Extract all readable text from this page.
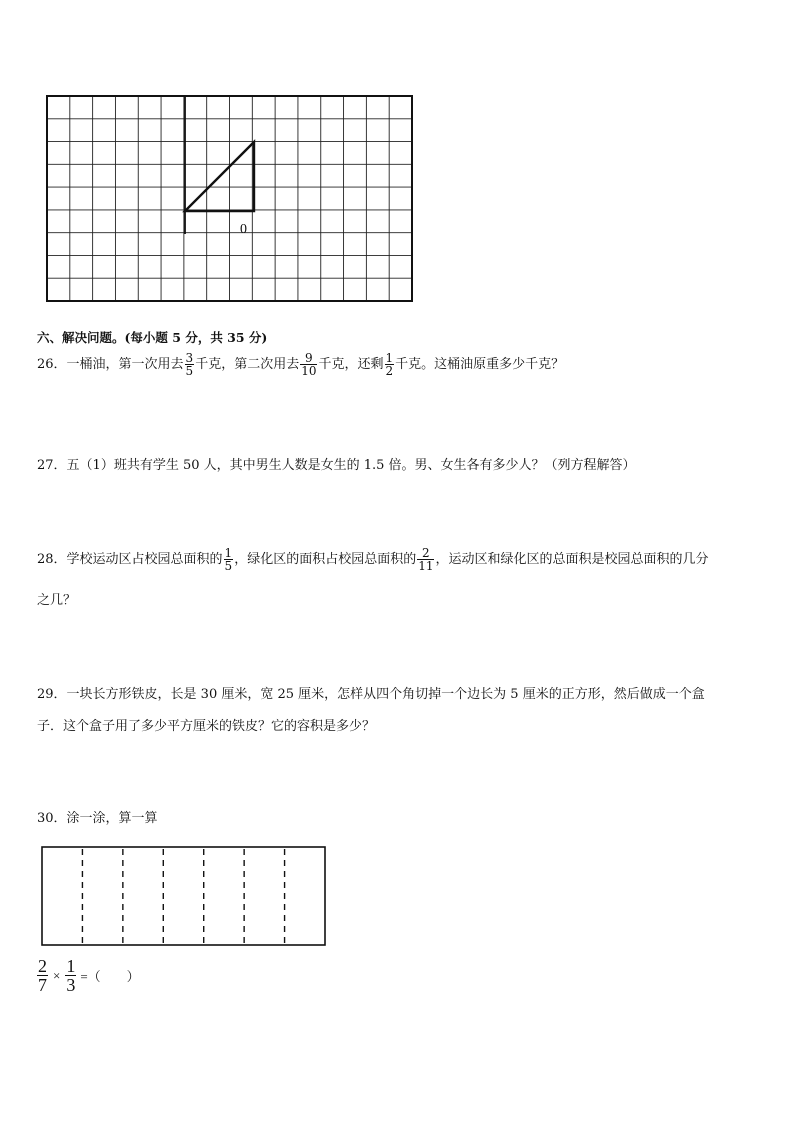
0
六、解决问题。(每小题 5 分，共 35 分)
26．一桶油，第一次用去 $\frac{3}{5}$ 千克，第二次用去 $\frac{9}{10}$ 千克，还剩 $\frac{1}{2}$ 千克。这桶油原重多少千克？
27．五（1）班共有学生 50 人，其中男生人数是女生的 1.5 倍。男、女生各有多少人？（列方程解答）
28．学校运动区占校园总面积的 $\frac{1}{5}$ ，绿化区的面积占校园总面积的 $\frac{2}{11}$ ，运动区和绿化区的总面积是校园总面积的几分
之几？
29．一块长方形铁皮，长是 30 厘米，宽 25 厘米，怎样从四个角切掉一个边长为 5 厘米的正方形，然后做成一个盒
子．这个盒子用了多少平方厘米的铁皮？它的容积是多少？
30．涂一涂，算一算
$\frac{2}{7} \times \frac{1}{3}$ =（　　）
